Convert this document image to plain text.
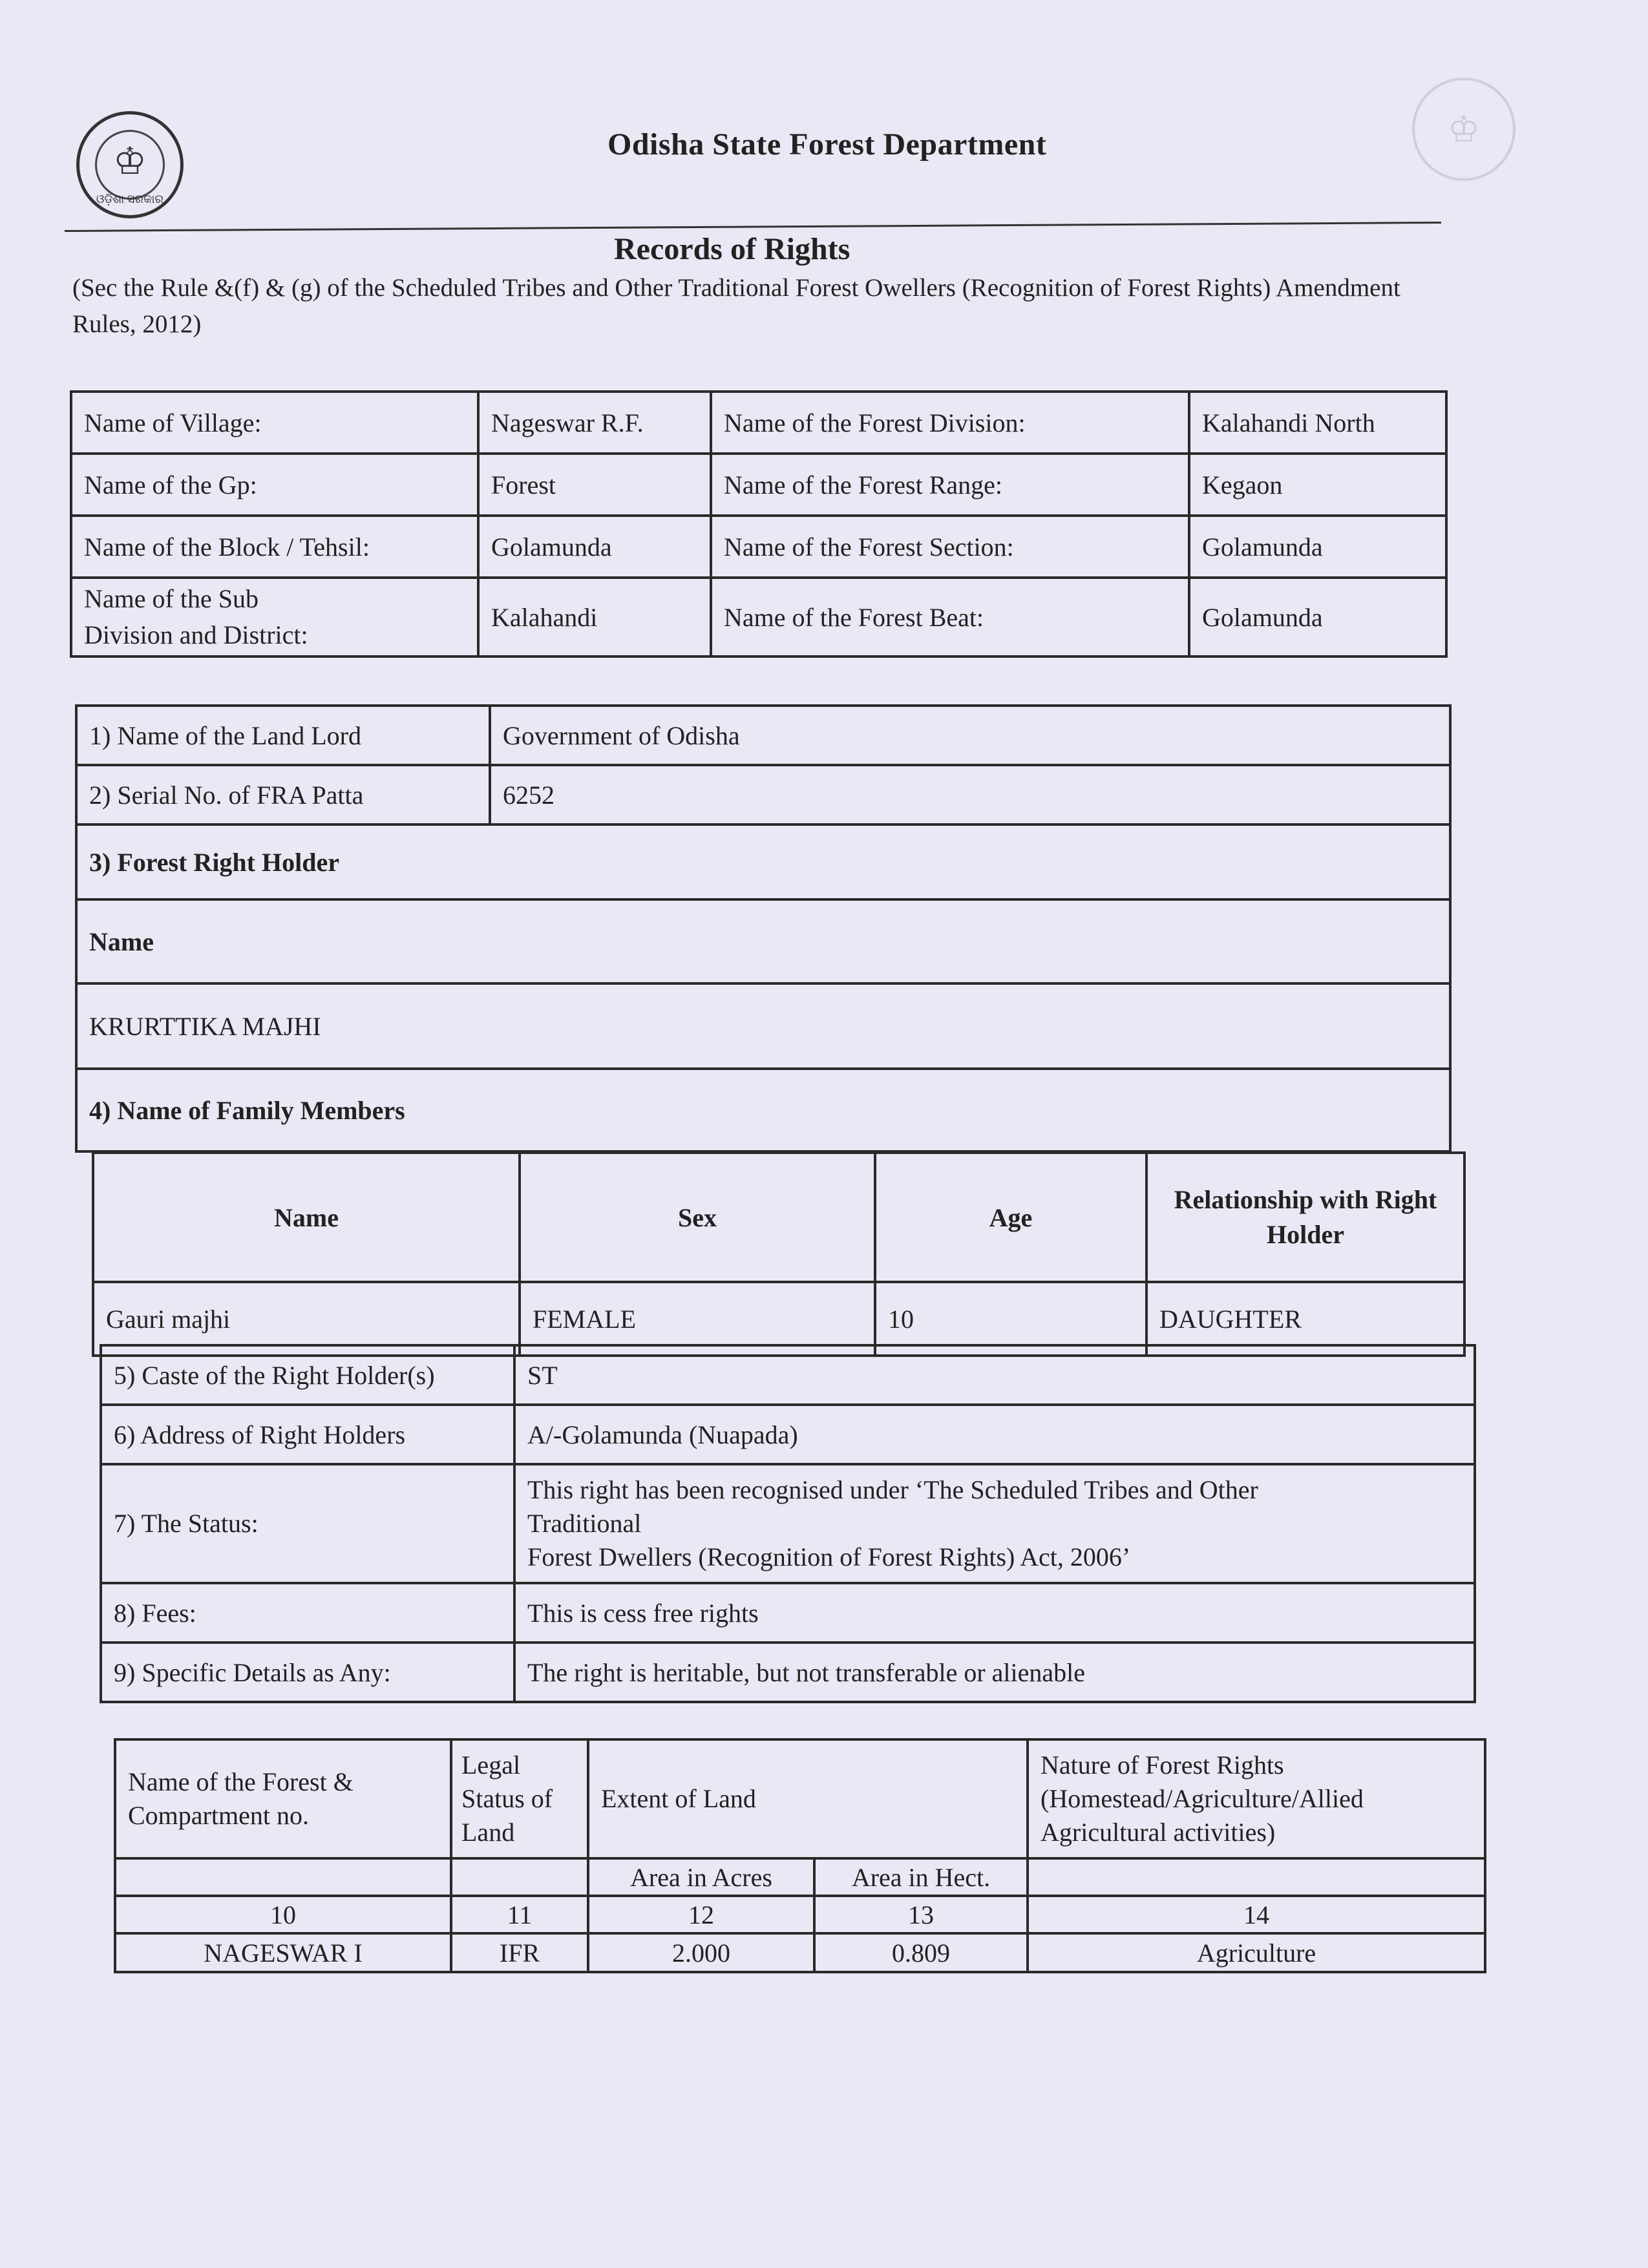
♔
ଓଡ଼ିଶା ସରକାର
♔
Odisha State Forest Department
Records of Rights
(Sec the Rule &(f) & (g) of the Scheduled Tribes and Other Traditional Forest Owellers (Recognition of Forest Rights) Amendment Rules, 2012)
Name of Village:	Nageswar R.F.	Name of the Forest Division:	Kalahandi North
Name of the Gp:	Forest	Name of the Forest Range:	Kegaon
Name of the Block / Tehsil:	Golamunda	Name of the Forest Section:	Golamunda
Name of the Sub Division and District:	Kalahandi	Name of the Forest Beat:	Golamunda
1) Name of the Land Lord	Government of Odisha
2) Serial No. of FRA Patta	6252
3) Forest Right Holder	
Name	
KRURTTIKA MAJHI	
4) Name of Family Members	
Name	Sex	Age	Relationship with Right Holder
Gauri majhi	FEMALE	10	DAUGHTER
5) Caste of the Right Holder(s)	ST
6) Address of Right Holders	A/-Golamunda (Nuapada)
7) The Status:	This right has been recognised under ‘The Scheduled Tribes and Other Traditional
Forest Dwellers (Recognition of Forest Rights) Act, 2006’

8) Fees:	This is cess free rights
9) Specific Details as Any:	The right is heritable, but not transferable or alienable
Name of the Forest & Compartment no.	Legal Status of Land	Extent of Land		Nature of Forest Rights (Homestead/Agriculture/Allied Agricultural activities)
		Area in Acres	Area in Hect.	
10	11	12	13	14
NAGESWAR I	IFR	2.000	0.809	Agriculture
